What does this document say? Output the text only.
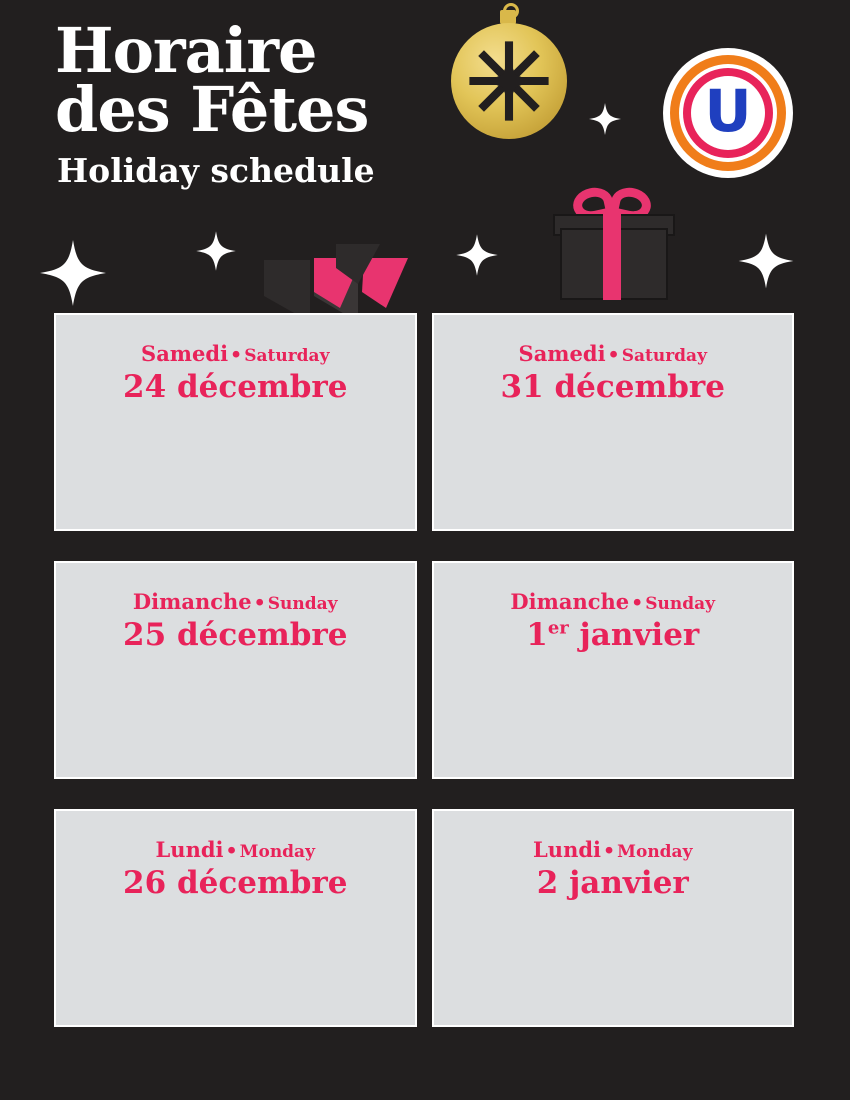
Horaire
des Fêtes
Holiday schedule
U

Samedi • Saturday

24 décembre

Samedi • Saturday

31 décembre

Dimanche • Sunday

25 décembre

Dimanche • Sunday

1er janvier

Lundi • Monday

26 décembre

Lundi • Monday

2 janvier
